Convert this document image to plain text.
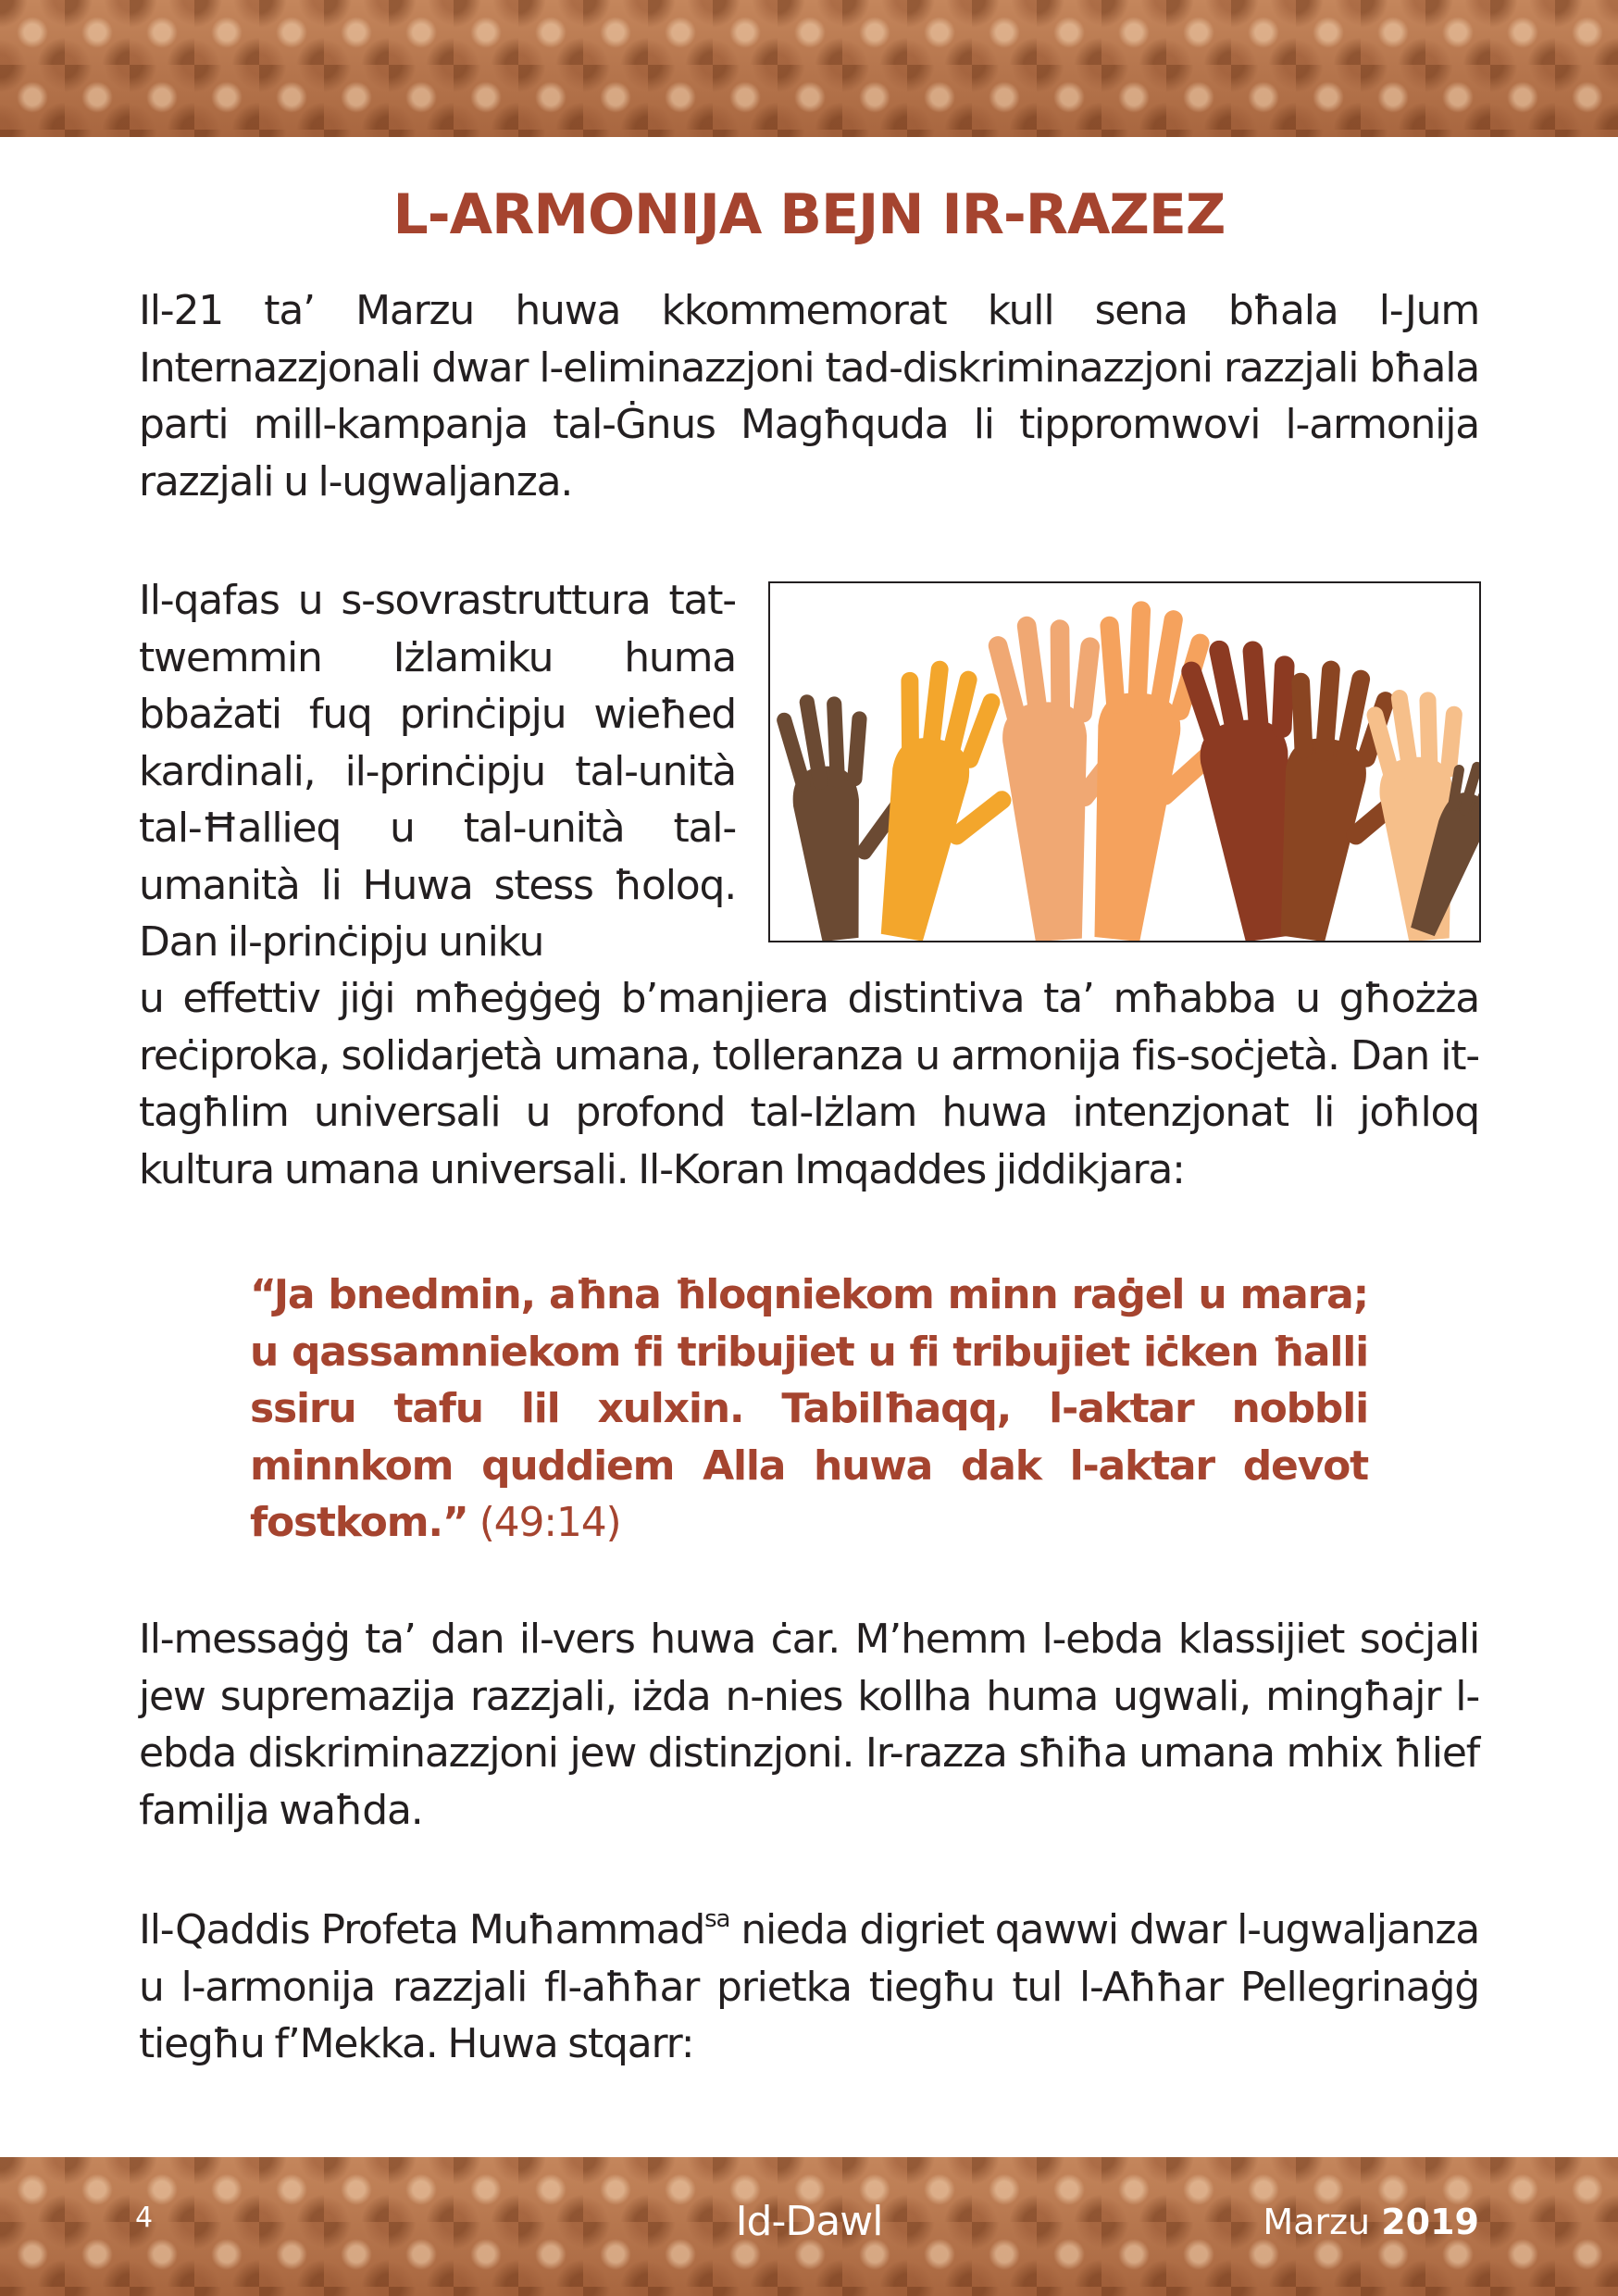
L-ARMONIJA BEJN IR-RAZEZ

Il-21 ta’ Marzu huwa kkommemorat kull sena bħala l-Jum Internazzjonali dwar l-eliminazzjoni tad-diskriminazzjoni razzjali bħala parti mill-kampanja tal-Ġnus Magħquda li tippromwovi l-armonija razzjali u l-ugwaljanza.

Il-qafas u s-sovrastruttura tat-twemmin Iżlamiku huma bbażati fuq prinċipju wieħed kardinali, il-prinċipju tal-unità tal-Ħallieq u tal-unità tal-umanità li Huwa stess ħoloq. Dan il-prinċipju uniku

u effettiv jiġi mħeġġeġ b’manjiera distintiva ta’ mħabba u għożża reċiproka, solidarjetà umana, tolleranza u armonija fis-soċjetà. Dan it-tagħlim universali u profond tal-Iżlam huwa intenzjonat li joħloq kultura umana universali. Il-Koran Imqaddes jiddikjara:

“Ja bnedmin, aħna ħloqniekom minn raġel u mara; u qassamniekom fi tribujiet u fi tribujiet iċken ħalli ssiru tafu lil xulxin. Tabilħaqq, l-aktar nobbli minnkom quddiem Alla huwa dak l-aktar devot fostkom.” (49:14)

Il-messaġġ ta’ dan il-vers huwa ċar. M’hemm l-ebda klassijiet soċjali jew supremazija razzjali, iżda n-nies kollha huma ugwali, mingħajr l-ebda diskriminazzjoni jew distinzjoni. Ir-razza sħiħa umana mhix ħlief familja waħda.

Il-Qaddis Profeta Muħammad$^{sa}$ nieda digriet qawwi dwar l-ugwaljanza u l-armonija razzjali fl-aħħar prietka tiegħu tul l-Aħħar Pellegrinaġġ tiegħu f’Mekka. Huwa stqarr:

4	Id-Dawl	Marzu 2019
